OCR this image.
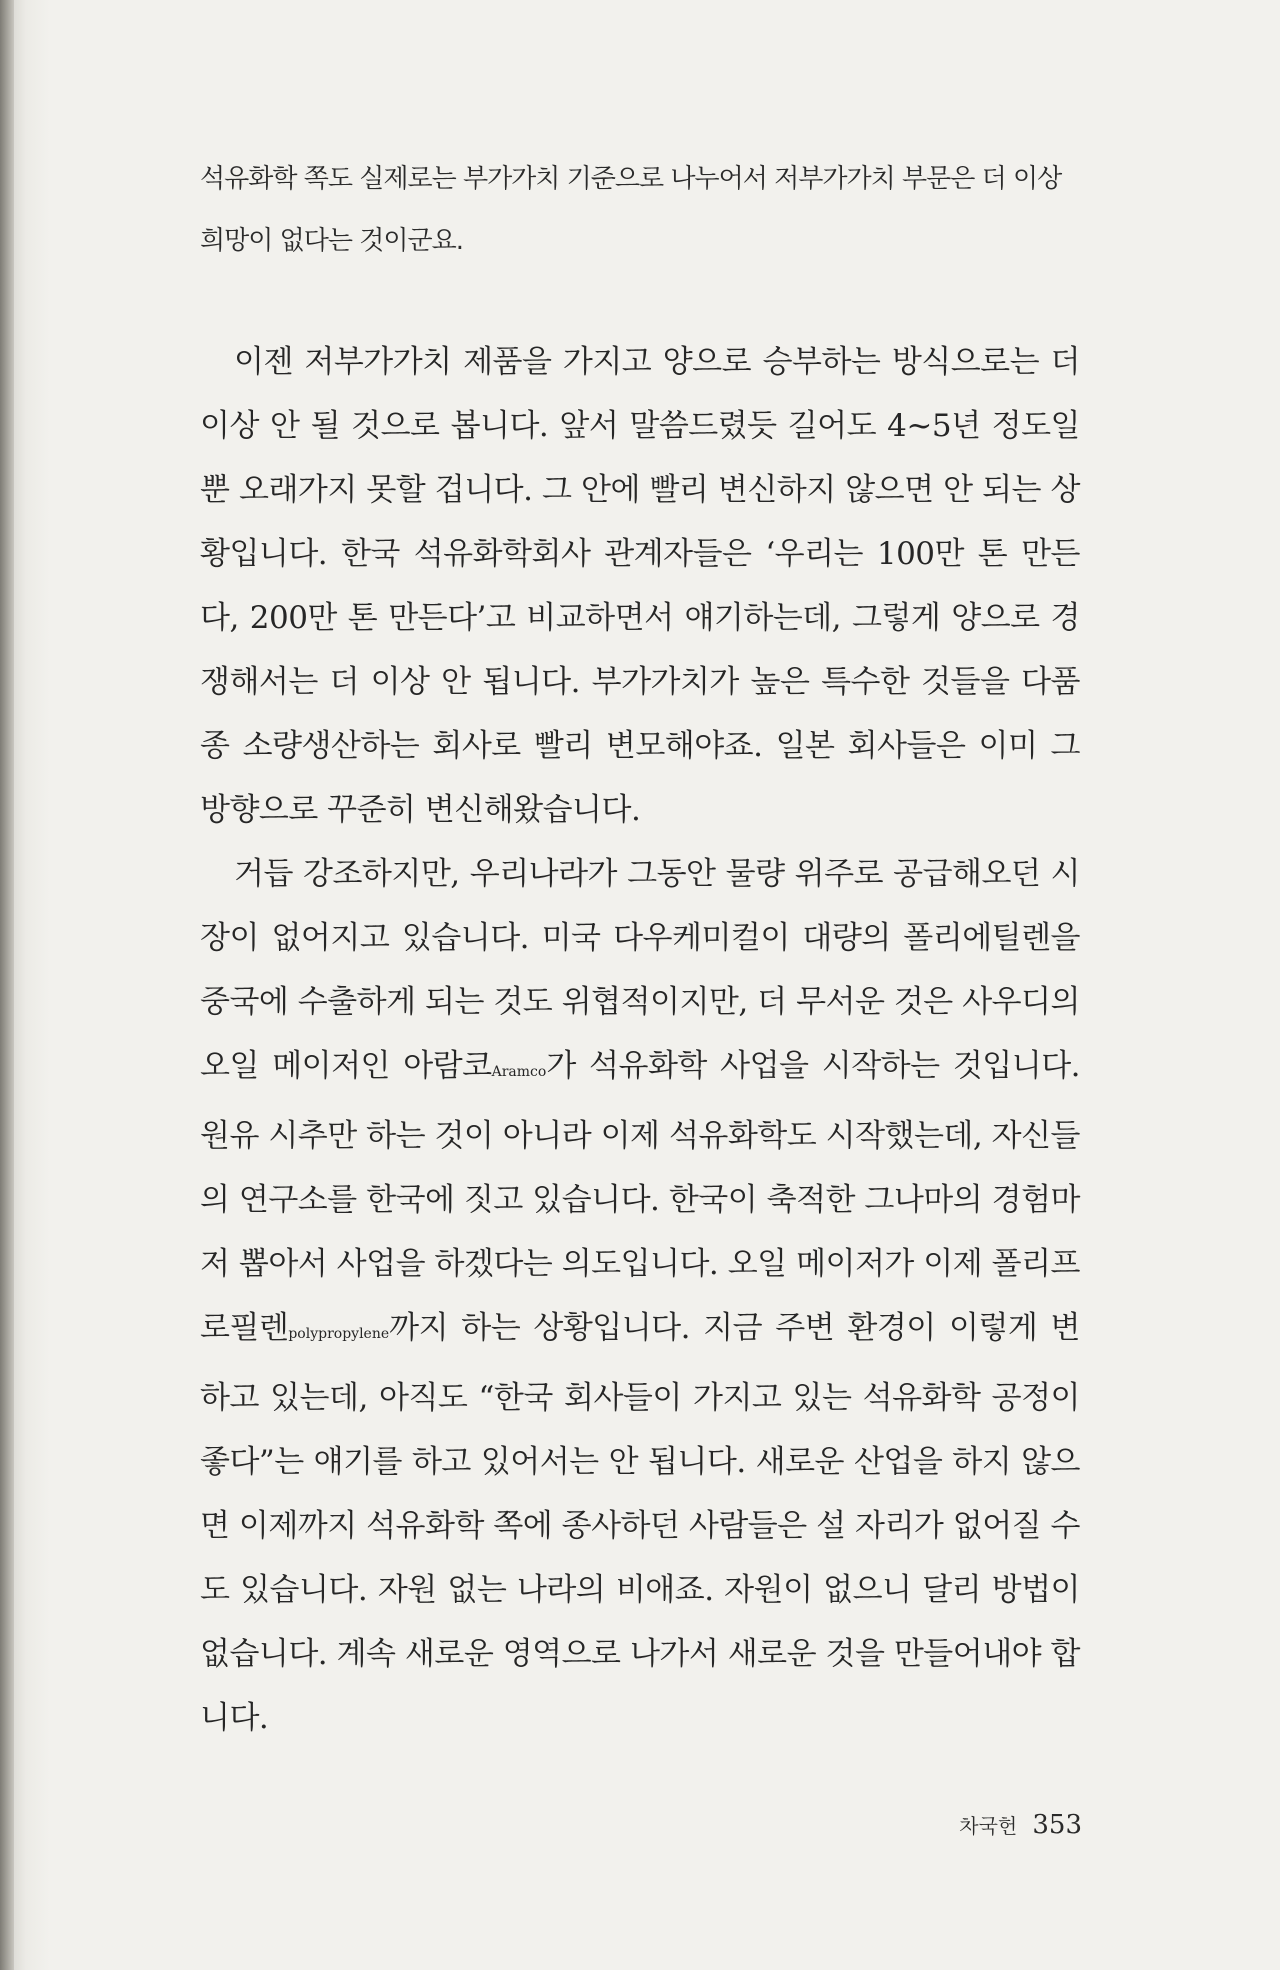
석유화학 쪽도 실제로는 부가가치 기준으로 나누어서 저부가가치 부문은 더 이상 희망이 없다는 것이군요.

이젠 저부가가치 제품을 가지고 양으로 승부하는 방식으로는 더 이상 안 될 것으로 봅니다. 앞서 말씀드렸듯 길어도 4~5년 정도일 뿐 오래가지 못할 겁니다. 그 안에 빨리 변신하지 않으면 안 되는 상황입니다. 한국 석유화학회사 관계자들은 ‘우리는 100만 톤 만든다, 200만 톤 만든다’고 비교하면서 얘기하는데, 그렇게 양으로 경쟁해서는 더 이상 안 됩니다. 부가가치가 높은 특수한 것들을 다품종 소량생산하는 회사로 빨리 변모해야죠. 일본 회사들은 이미 그 방향으로 꾸준히 변신해왔습니다.

거듭 강조하지만, 우리나라가 그동안 물량 위주로 공급해오던 시장이 없어지고 있습니다. 미국 다우케미컬이 대량의 폴리에틸렌을 중국에 수출하게 되는 것도 위협적이지만, 더 무서운 것은 사우디의 오일 메이저인 아람코Aramco가 석유화학 사업을 시작하는 것입니다. 원유 시추만 하는 것이 아니라 이제 석유화학도 시작했는데, 자신들의 연구소를 한국에 짓고 있습니다. 한국이 축적한 그나마의 경험마저 뽑아서 사업을 하겠다는 의도입니다. 오일 메이저가 이제 폴리프로필렌polypropylene까지 하는 상황입니다. 지금 주변 환경이 이렇게 변하고 있는데, 아직도 “한국 회사들이 가지고 있는 석유화학 공정이 좋다”는 얘기를 하고 있어서는 안 됩니다. 새로운 산업을 하지 않으면 이제까지 석유화학 쪽에 종사하던 사람들은 설 자리가 없어질 수도 있습니다. 자원 없는 나라의 비애죠. 자원이 없으니 달리 방법이 없습니다. 계속 새로운 영역으로 나가서 새로운 것을 만들어내야 합니다.

차국헌 353
